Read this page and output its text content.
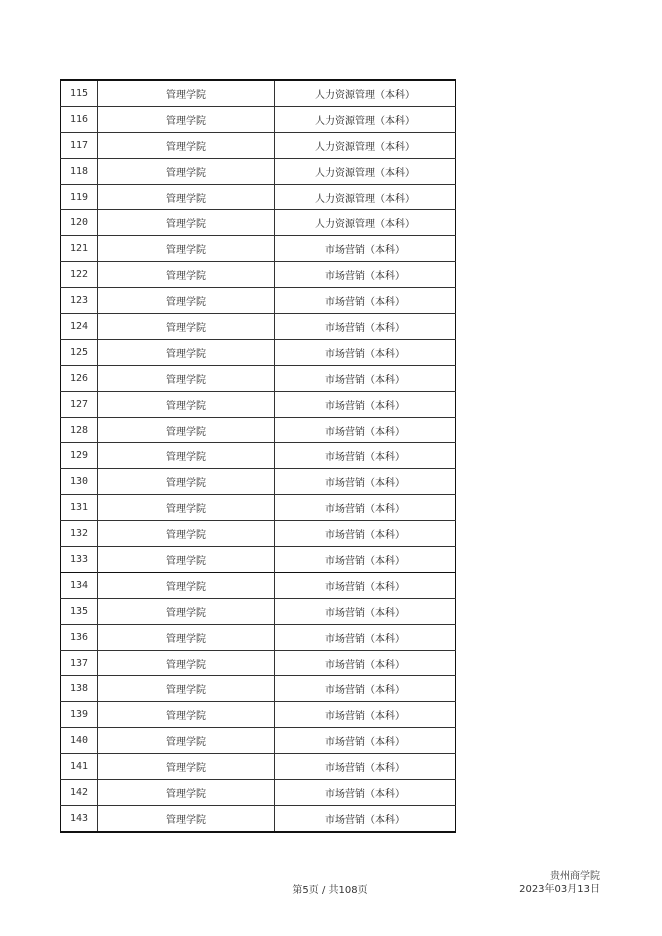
115	管理学院	人力资源管理（本科）
116	管理学院	人力资源管理（本科）
117	管理学院	人力资源管理（本科）
118	管理学院	人力资源管理（本科）
119	管理学院	人力资源管理（本科）
120	管理学院	人力资源管理（本科）
121	管理学院	市场营销（本科）
122	管理学院	市场营销（本科）
123	管理学院	市场营销（本科）
124	管理学院	市场营销（本科）
125	管理学院	市场营销（本科）
126	管理学院	市场营销（本科）
127	管理学院	市场营销（本科）
128	管理学院	市场营销（本科）
129	管理学院	市场营销（本科）
130	管理学院	市场营销（本科）
131	管理学院	市场营销（本科）
132	管理学院	市场营销（本科）
133	管理学院	市场营销（本科）
134	管理学院	市场营销（本科）
135	管理学院	市场营销（本科）
136	管理学院	市场营销（本科）
137	管理学院	市场营销（本科）
138	管理学院	市场营销（本科）
139	管理学院	市场营销（本科）
140	管理学院	市场营销（本科）
141	管理学院	市场营销（本科）
142	管理学院	市场营销（本科）
143	管理学院	市场营销（本科）
第5页 / 共108页
贵州商学院
2023年03月13日
